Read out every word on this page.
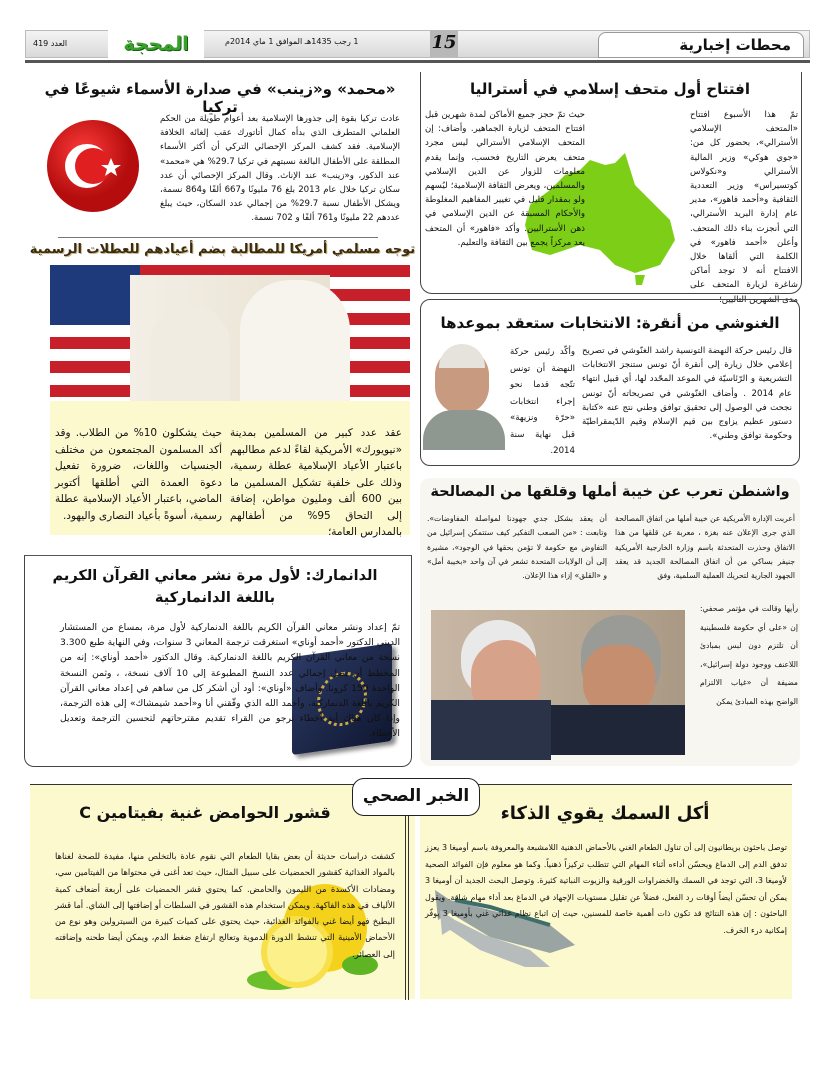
محطات إخبارية
15
1 رجب 1435هـ الموافق 1 ماي 2014م
المحجة
العدد 419
افتتاح أول متحف إسلامي في أستراليا
تمّ هذا الأسبوع افتتاح «المتحف الإسلامي الأسترالي»، بحضور كل من: «جوي هوكي» وزير المالية الأسترالي و«نكولاس كوتسيراس» وزير التعددية الثقافية و«أحمد فاهور»، مدير عام إدارة البريد الأسترالي، التي أنجزت بناء ذلك المتحف. وأعلن «أحمد فاهور» في الكلمة التي ألقاها خلال الافتتاح أنه لا توجد أماكن شاغرة لزيارة المتحف على مدى الشهرين التاليين؛
حيث تمّ حجز جميع الأماكن لمدة شهرين قبل افتتاح المتحف لزيارة الجماهير. وأضاف: إن المتحف الإسلامي الأسترالي ليس مجرد متحف يعرض التاريخ فحسب، وإنما يقدم معلومات للزوار عن الدين الإسلامي والمسلمين، ويعرض الثقافة الإسلامية؛ ليُسهم ولو بمقدار قليل في تغيير المفاهيم المغلوطة والأحكام المسبقة عن الدين الإسلامي في ذهن الأستراليين. وأكد «فاهور» أن المتحف يعد مركزاً يجمع بين الثقافة والتعليم.
«محمد» و«زينب» في صدارة الأسماء شيوعًا في تركيا
عادت تركيا بقوة إلى جذورها الإسلامية بعد أعوام طويلة من الحكم العلماني المتطرف الذي بدأه كمال أتاتورك عقب إلغائه الخلافة الإسلامية. فقد كشف المركز الإحصائي التركي أن أكثر الأسماء المطلقة على الأطفال البالغة نسبتهم في تركيا 29.7% هي «محمد» عند الذكور، و«زينب» عند الإناث. وقال المركز الإحصائي أن عدد سكان تركيا خلال عام 2013 بلغ 76 مليونًا و667 ألفًا و864 نسمة، ويشكل الأطفال نسبة 29.7% من إجمالي عدد السكان، حيث يبلغ عددهم 22 مليونًا و761 ألفًا و 702 نسمة.
توجه مسلمي أمريكا للمطالبة بضم أعيادهم للعطلات الرسمية
عقد عدد كبير من المسلمين بمدينة «نيويورك» الأمريكية لقاءً لدعم مطالبهم باعتبار الأعياد الإسلامية عطلة رسمية، وذلك على خلفية تشكيل المسلمين ما بين 600 ألف ومليون مواطن، إضافة إلى التحاق 95% من أطفالهم بالمدارس العامة؛
حيث يشكلون 10% من الطلاب. وقد أكد المسلمون المجتمعون من مختلف الجنسيات واللغات، ضرورة تفعيل دعوة العمدة التي أطلقها أكتوبر الماضي، باعتبار الأعياد الإسلامية عطلة رسمية، أسوةً بأعياد النصارى واليهود.
الغنوشي من أنقرة: الانتخابات ستعقد بموعدها
قال رئيس حركة النهضة التونسية راشد الغنّوشي في تصريح إعلامي خلال زيارة إلى أنقرة أنّ تونس ستنجز الانتخابات التشريعية و الرّئاسيّة في الموعد المحّدد لها، أي قبيل انتهاء عام 2014 . وأضاف الغنّوشي في تصريحاته أنّ تونس نجحت في الوصول إلى تحقيق توافق وطني نتج عنه «كتابة دستور عظيم يزاوج بين قيم الإسلام وقيم الدّيمقراطيّة وحكومة توافق وطني».
وأكّد رئيس حركة النهضة أن تونس تتّجه قدما نحو إجراء انتخابات «حرّة ونزيهة» قبل نهاية سنة 2014.
واشنطن تعرب عن خيبة أملها وقلقها من المصالحة
أعربت الإدارة الأمريكية عن خيبة أملها من اتفاق المصالحة الذي جرى الإعلان عنه بغزة ، معربة عن قلقها من هذا الاتفاق وحذرت المتحدثة باسم وزارة الخارجية الأمريكية جنيفر بساكي من أن اتفاق المصالحة الجديد قد يعقد الجهود الجارية لتحريك العملية السلمية، وفق
أن يعقد بشكل جدي جهودنا لمواصلة المفاوضات». وتابعت : «من الصعب التفكير كيف ستتمكن إسرائيل من التفاوض مع حكومة لا تؤمن بحقها في الوجود»، مشيرة إلى أن الولايات المتحدة تشعر في آن واحد «بخيبة أمل» و «القلق» إزاء هذا الإعلان.
رأيها وقالت في مؤتمر صحفي: إن «على أي حكومة فلسطينية أن تلتزم دون لبس بمبادئ اللاعنف ووجود دولة إسرائيل»، مضيفة أن «غياب الالتزام الواضح بهذه المبادئ يمكن
الدانمارك: لأول مرة نشر معاني القرآن الكريم باللغة الدانماركية
تمّ إعداد ونشر معاني القرآن الكريم باللغة الدنماركية لأول مرة، بمساع من المستشار الديني الدكتور «أحمد أوناي» استغرقت ترجمة المعاني 3 سنوات، وفي النهاية طبع 3.300 نسخة من معاني القرآن الكريم باللغة الدنماركية. وقال الدكتور «أحمد أوناي»: إنه من المخطط أن يصل إجمالي عدد النسخ المطبوعة إلى 10 آلاف نسخة، ، وثمن النسخة الواحدة 150 كرونا. وأضاف «أوناي»: أود أن أشكر كل من ساهم في إعداد معاني القرآن الكريم باللغة الدنماركية، وأحمد الله الذي وفّقني أنا و«أحمد شيمشاك» إلى هذه الترجمة، وإذا كان هناك أية أخطاء نرجو من القراء تقديم مقترحاتهم لتحسين الترجمة وتعديل الأخطاء.
الخبر الصحي
أكل السمك يقوي الذكاء
توصل باحثون بريطانيون إلى أن تناول الطعام الغني بالأحماض الدهنية اللامشبعة والمعروفة باسم أوميغا 3 يعزز تدفق الدم إلى الدماغ ويحسّن أداءه أثناء المهام التي تتطلب تركيزاً ذهنياً. وكما هو معلوم فإن الفوائد الصحية لأوميغا 3، التي توجد في السمك والخضراوات الورقية والزيوت النباتية كثيرة. وتوصل البحث الجديد أن أوميغا 3 يمكن أن تحسّن أيضاً أوقات رد الفعل، فضلاً عن تقليل مستويات الإجهاد في الدماغ بعد أداء مهام شاقة. ويقول الباحثون : إن هذه النتائج قد تكون ذات أهمية خاصة للمسنين، حيث إن اتباع نظام غذائي غني بأوميغا 3 يوفّر إمكانية درء الخرف.
قشور الحوامض غنية بفيتامين C
كشفت دراسات حديثة أن بعض بقايا الطعام التي نقوم عادة بالتخلص منها، مفيدة للصحة لغناها بالمواد الغذائية كقشور الحمضيات على سبيل المثال، حيث تعد أغنى في محتواها من الفيتامين سي، ومضادات الأكسدة من الليمون والحامض. كما يحتوي قشر الحمضيات على أربعة أضعاف كمية الألياف في هذه الفاكهة. ويمكن استخدام هذه القشور في السلطات أو إضافتها إلى الشاي. أما قشر البطيخ فهو أيضا غني بالفوائد الغذائية، حيث يحتوي على كميات كبيرة من السيترولين وهو نوع من الأحماض الأمينية التي تنشط الدورة الدموية وتعالج ارتفاع ضغط الدم، ويمكن أيضا طحنه وإضافته إلى العصائر.
